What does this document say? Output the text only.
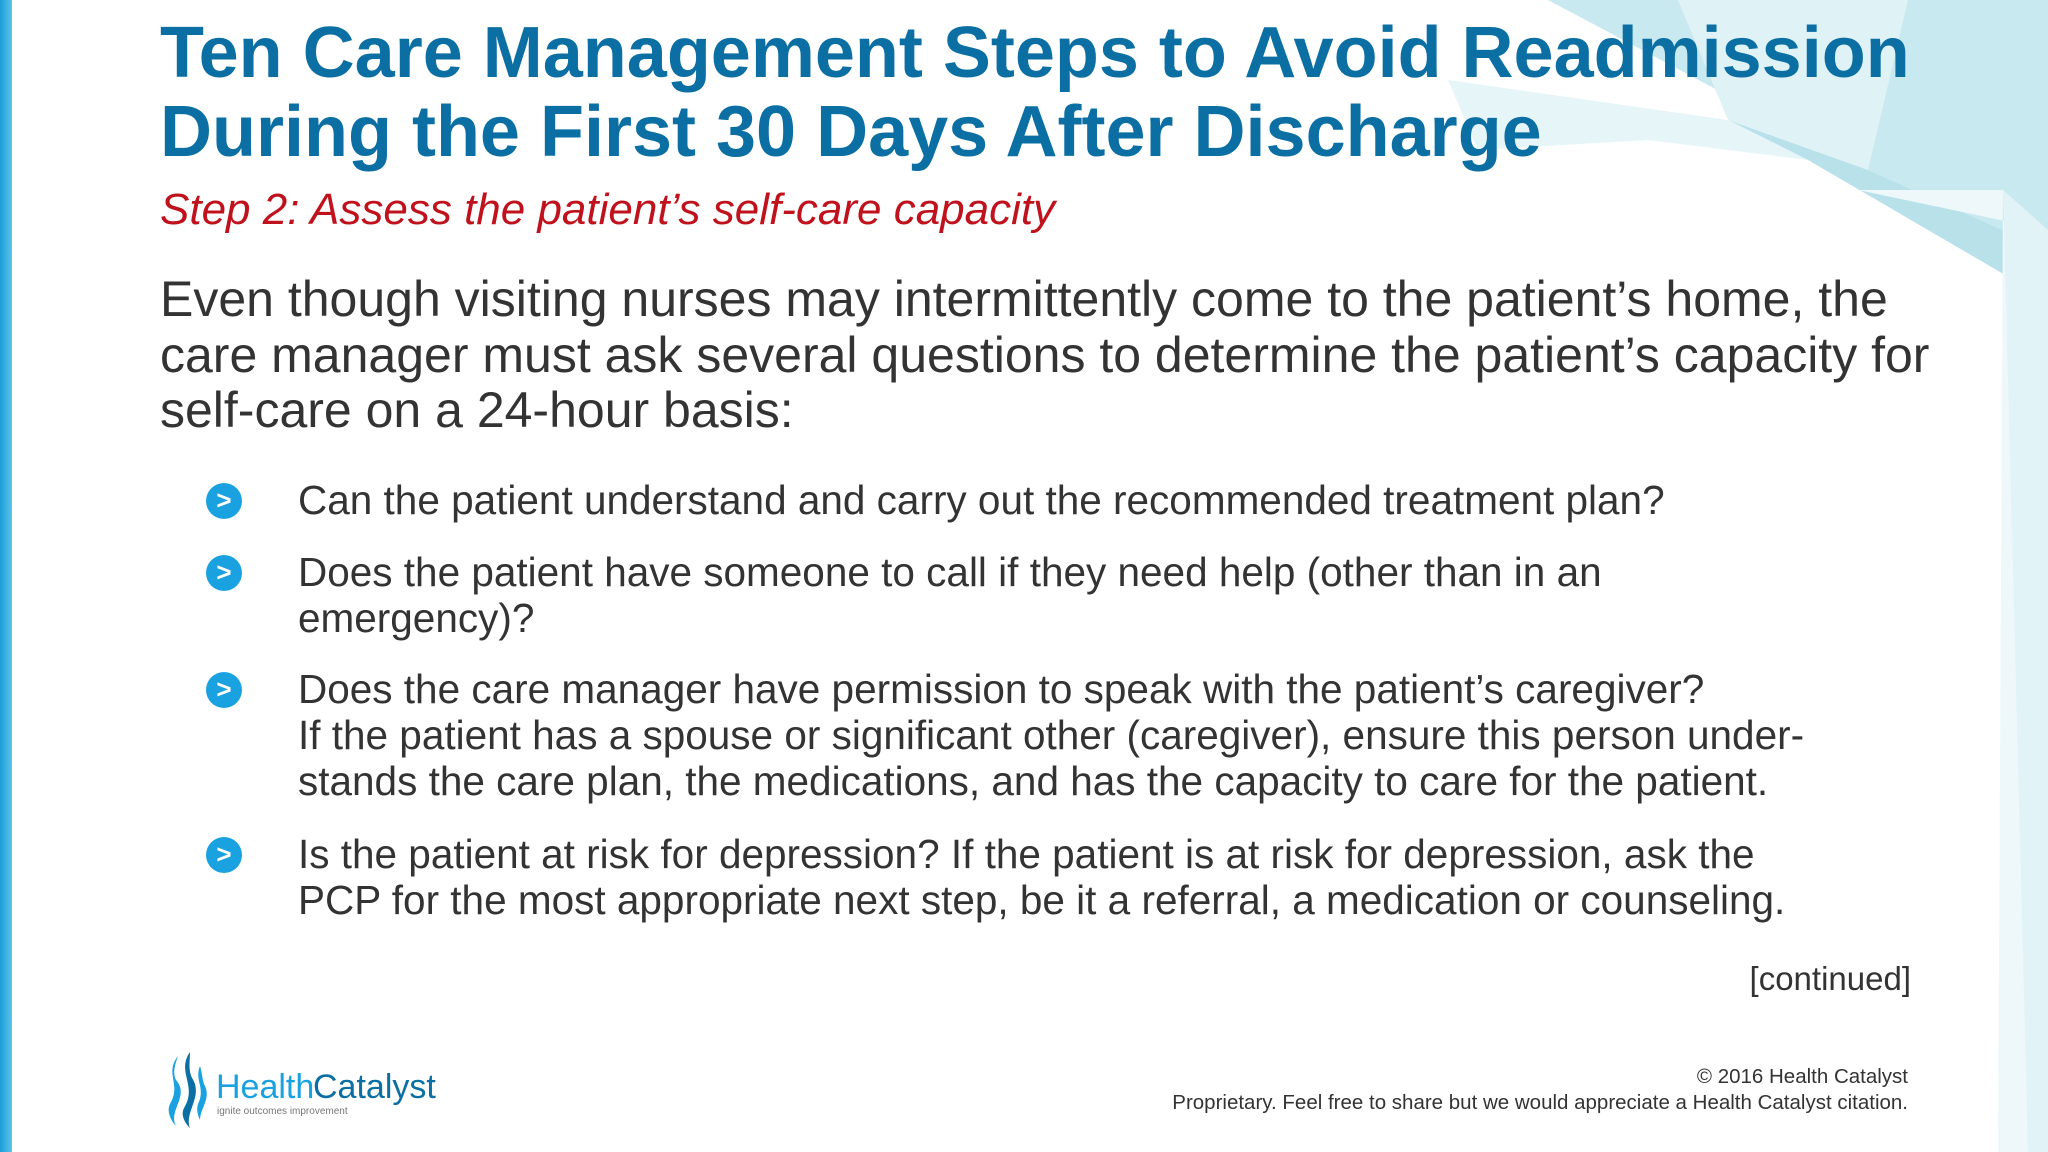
Ten Care Management Steps to Avoid Readmission
During the First 30 Days After Discharge

Step 2: Assess the patient’s self-care capacity

Even though visiting nurses may intermittently come to the patient’s home, the care manager must ask several questions to determine the patient’s capacity for self-care on a 24-hour basis:

> Can the patient understand and carry out the recommended treatment plan?
> Does the patient have someone to call if they need help (other than in an
emergency)?
> Does the care manager have permission to speak with the patient’s caregiver?
If the patient has a spouse or significant other (caregiver), ensure this person under-
stands the care plan, the medications, and has the capacity to care for the patient.
> Is the patient at risk for depression? If the patient is at risk for depression, ask the
PCP for the most appropriate next step, be it a referral, a medication or counseling.
[continued]
Health
Catalyst
ignite outcomes improvement
© 2016 Health Catalyst
Proprietary. Feel free to share but we would appreciate a Health Catalyst citation.
